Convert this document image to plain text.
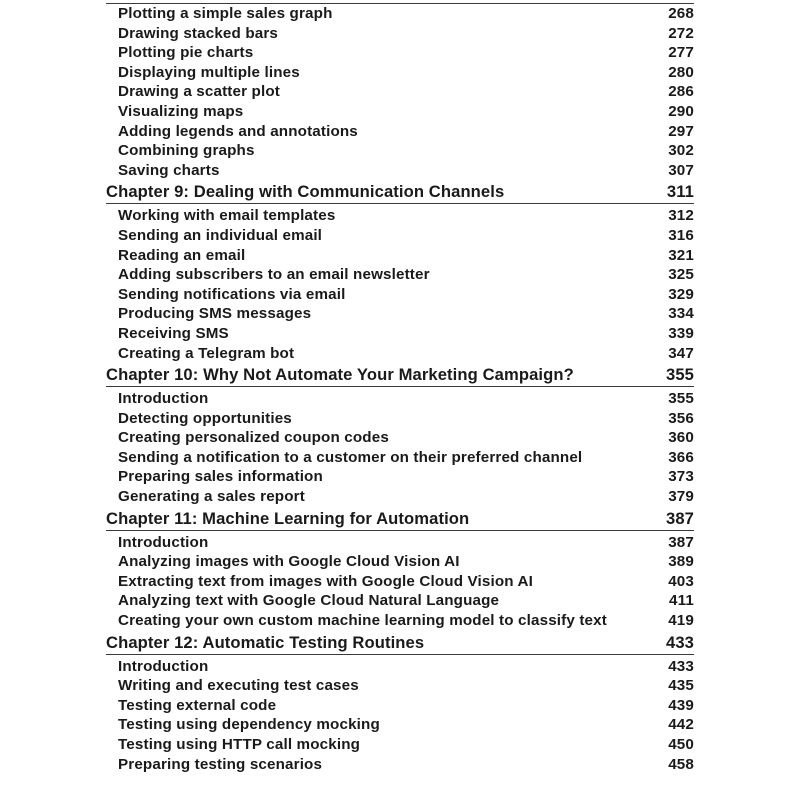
Plotting a simple sales graph	268
Drawing stacked bars	272
Plotting pie charts	277
Displaying multiple lines	280
Drawing a scatter plot	286
Visualizing maps	290
Adding legends and annotations	297
Combining graphs	302
Saving charts	307
Chapter 9: Dealing with Communication Channels	311
Working with email templates	312
Sending an individual email	316
Reading an email	321
Adding subscribers to an email newsletter	325
Sending notifications via email	329
Producing SMS messages	334
Receiving SMS	339
Creating a Telegram bot	347
Chapter 10: Why Not Automate Your Marketing Campaign?	355
Introduction	355
Detecting opportunities	356
Creating personalized coupon codes	360
Sending a notification to a customer on their preferred channel	366
Preparing sales information	373
Generating a sales report	379
Chapter 11: Machine Learning for Automation	387
Introduction	387
Analyzing images with Google Cloud Vision AI	389
Extracting text from images with Google Cloud Vision AI	403
Analyzing text with Google Cloud Natural Language	411
Creating your own custom machine learning model to classify text	419
Chapter 12: Automatic Testing Routines	433
Introduction	433
Writing and executing test cases	435
Testing external code	439
Testing using dependency mocking	442
Testing using HTTP call mocking	450
Preparing testing scenarios	458
